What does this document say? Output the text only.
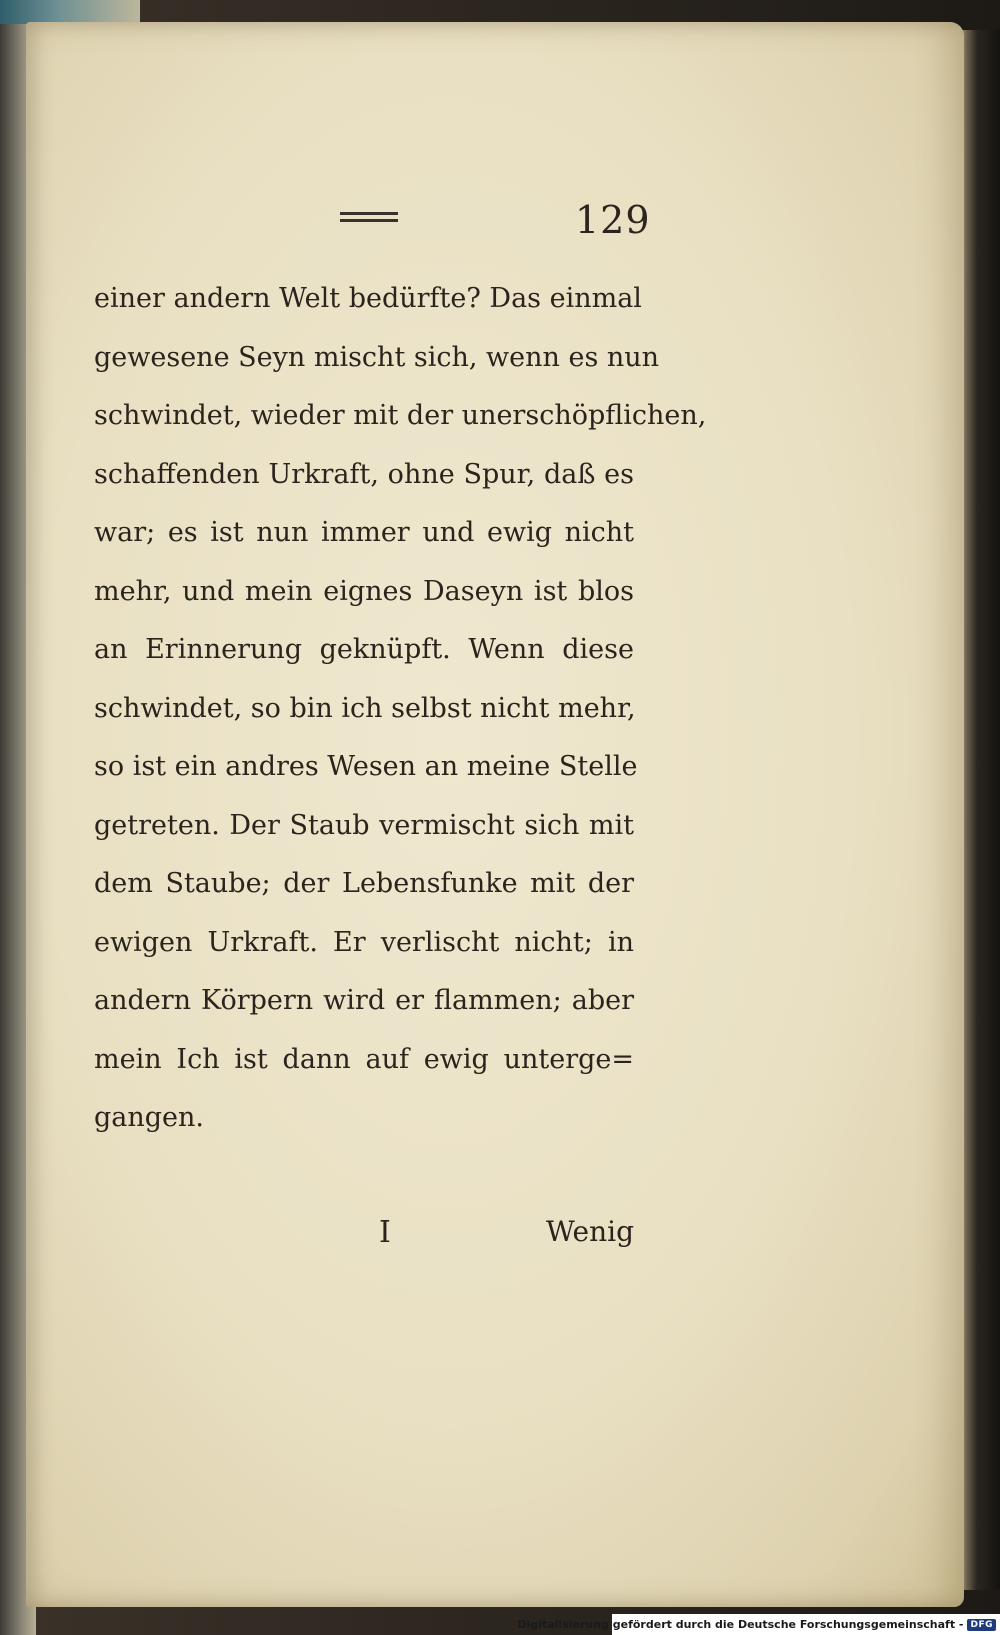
129
einer andern Welt bedürfte? Das einmal
gewesene Seyn mischt sich, wenn es nun
schwindet, wieder mit der unerschöpflichen,
schaffenden Urkraft, ohne Spur, daß es
war; es ist nun immer und ewig nicht
mehr, und mein eignes Daseyn ist blos
an Erinnerung geknüpft. Wenn diese
schwindet, so bin ich selbst nicht mehr,
so ist ein andres Wesen an meine Stelle
getreten. Der Staub vermischt sich mit
dem Staube; der Lebensfunke mit der
ewigen Urkraft. Er verlischt nicht; in
andern Körpern wird er flammen; aber
mein Ich ist dann auf ewig unterge=
gangen.
I	Wenig
Digitalisierung gefördert durch die Deutsche Forschungsgemeinschaft - DFG
